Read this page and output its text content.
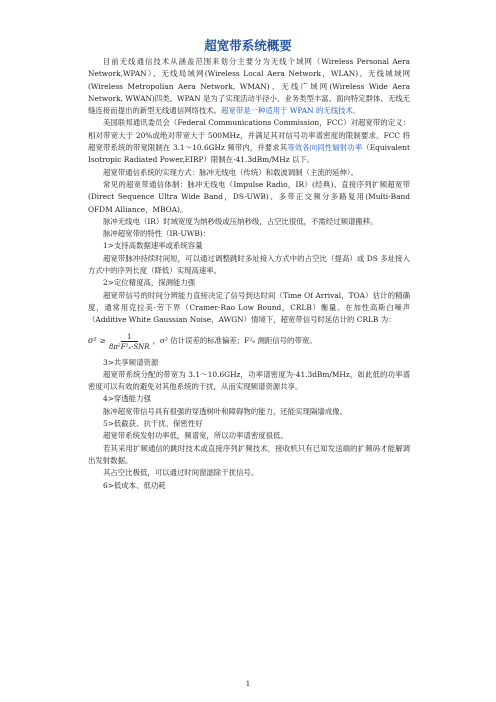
超宽带系统概要

目前无线通信技术从涵盖范围来划分主要分为无线个域网（Wireless Personal Aera Network,WPAN）、无线局域网(Wireless Local Aera Network，WLAN)、无线城域网(Wireless Metropolian Aera Network, WMAN)、无线广域网(Wireless Wide Aera Network, WWAN)四类。WPAN 是为了实现活动半径小、业务类型丰富、面向特定群体、无线无缝连接而提出的新型无线通信网络技术。超宽带是一种适用于 WPAN 的无线技术。

美国联邦通讯委员会（Federal Communications Commission，FCC）对超宽带的定义：相对带宽大于 20%或绝对带宽大于 500MHz，并满足其对信号功率谱密度的限制要求。FCC 将超宽带系统的带宽限制在 3.1～10.6GHz 频带内，并要求其等效各向同性辐射功率（Equivalent Isotropic Radiated Power,EIRP）限制在-41.3dBm/MHz 以下。

超宽带通信系统的实现方式：脉冲无线电（传统）和载波调制（主流的延伸）。

常见的超宽带通信体制：脉冲无线电（Impulse Radio，IR）(经典)、直接序列扩频超宽带(Direct Sequence Ultra Wide Band，DS-UWB)、多带正交频分多路复用(Multi-Band OFDM Alliance，MBOA)。

脉冲无线电（IR）时域宽度为纳秒级或压纳秒级，占空比很低，不需经过频谱搬移。

脉冲超宽带的特性（IR-UWB)：

1>支持高数据速率或系统容量

超宽带脉冲持续时间短，可以通过调整跳时多址接入方式中的占空比（提高）或 DS 多址接入方式中的序列长度（降低）实现高速率。

2>定位精度高，探测能力强

超宽带信号的时间分辨能力直接决定了信号到达时间（Time Of Arrival，TOA）估计的精确度，通常用克拉美-劳下界（Cramer-Rao Low Bound，CRLB）衡量。在加性高斯白噪声（Additive White Gaussian Noise，AWGN）情境下，超宽带信号时延估计的 CRLB 为：

$\sigma^2 \ge \frac{1}{\text{8π²F²ₑ·SNR}}$ ，σ² 估计误差的标准偏差；F²ₑ 测距信号的带宽。

3>共享频谱资源

超宽带系统分配的带宽为 3.1～10.6GHz，功率谱密度为-41.3dBm/MHz，如此低的功率谱密度可以有效的避免对其他系统的干扰，从而实现频谱资源共享。

4>穿透能力强

脉冲超宽带信号具有很强的穿透树叶和障碍物的能力，还能实现隔墙成像。

5>低截获、抗干扰、保密性好

超宽带系统发射功率低，频谱宽，所以功率谱密度很低。

若其采用扩频通信的跳时技术或直接序列扩频技术，接收机只有已知发送端的扩频码才能解调出发射数据。

其占空比极低，可以通过时间窗滤除干扰信号。

6>低成本、低功耗

1
